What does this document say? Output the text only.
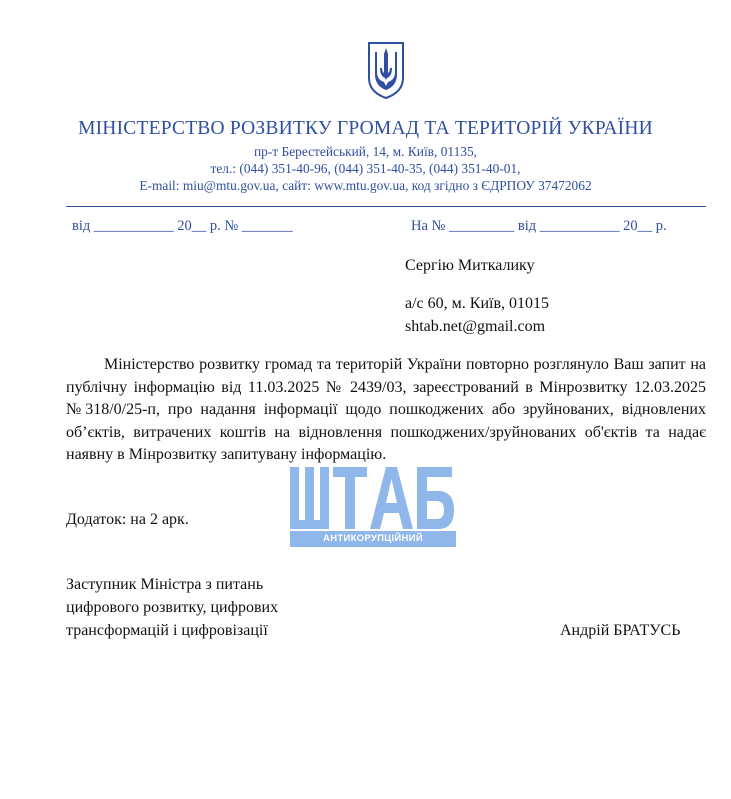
МІНІСТЕРСТВО РОЗВИТКУ ГРОМАД ТА ТЕРИТОРІЙ УКРАЇНИ
пр-т Берестейський, 14, м. Київ, 01135,
тел.: (044) 351-40-96, (044) 351-40-35, (044) 351-40-01,
E-mail: miu@mtu.gov.ua, сайт: www.mtu.gov.ua, код згідно з ЄДРПОУ 37472062
від ___________ 20__ р. № _______	На № _________ від ___________ 20__ р.
Сергію Миткалику
а/с 60, м. Київ, 01015
shtab.net@gmail.com

Міністерство розвитку громад та територій України повторно розглянуло Ваш запит на публічну інформацію від 11.03.2025 № 2439/03, зареєстрований в Мінрозвитку 12.03.2025 №318/0/25-п, про надання інформації щодо пошкоджених або зруйнованих, відновлених об’єктів, витрачених коштів на відновлення пошкоджених/зруйнованих об'єктів та надає наявну в Мінрозвитку запитувану інформацію.

Додаток: на 2 арк.
Заступник Міністра з питань
цифрового розвитку, цифрових
трансформацій і цифровізації	Андрій БРАТУСЬ
АНТИКОРУПЦІЙНИЙ
